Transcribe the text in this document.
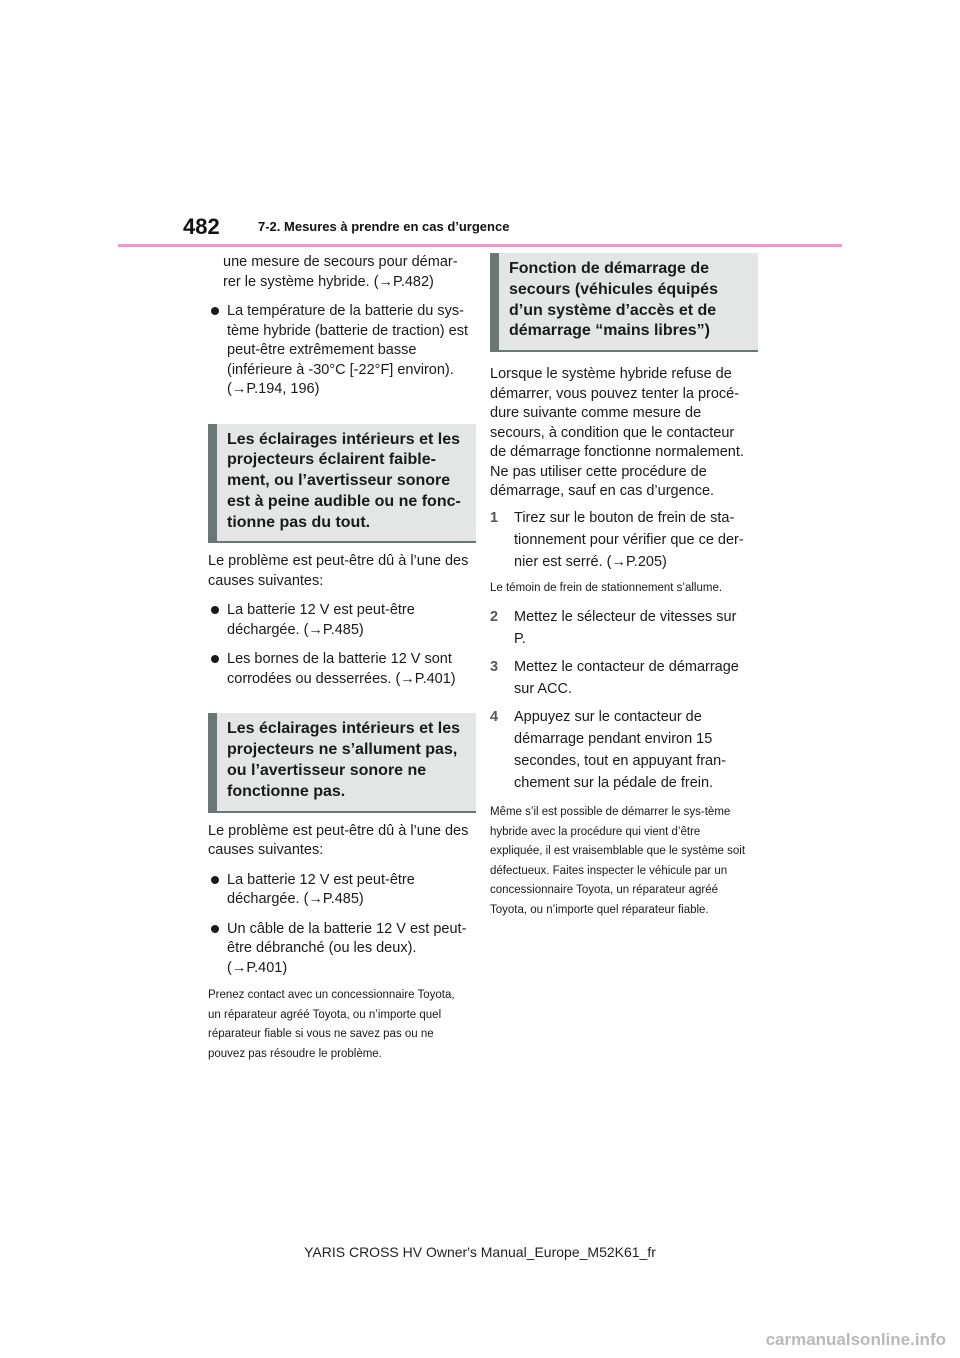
482	7-2. Mesures à prendre en cas d’urgence

une mesure de secours pour démar-rer le système hybride. (→P.482)

La température de la batterie du sys-tème hybride (batterie de traction) est peut-être extrêmement basse (inférieure à -30°C [-22°F] environ). (→P.194, 196)
Les éclairages intérieurs et les projecteurs éclairent faible-ment, ou l’avertisseur sonore est à peine audible ou ne fonc-tionne pas du tout.

Le problème est peut-être dû à l’une des causes suivantes:

La batterie 12 V est peut-être déchargée. (→P.485)
Les bornes de la batterie 12 V sont corrodées ou desserrées. (→P.401)
Les éclairages intérieurs et les projecteurs ne s’allument pas, ou l’avertisseur sonore ne fonctionne pas.

Le problème est peut-être dû à l’une des causes suivantes:

La batterie 12 V est peut-être déchargée. (→P.485)
Un câble de la batterie 12 V est peut-être débranché (ou les deux). (→P.401)

Prenez contact avec un concessionnaire Toyota, un réparateur agréé Toyota, ou n’importe quel réparateur fiable si vous ne savez pas ou ne pouvez pas résoudre le problème.

Fonction de démarrage de secours (véhicules équipés d’un système d’accès et de démarrage “mains libres”)

Lorsque le système hybride refuse de démarrer, vous pouvez tenter la procé-dure suivante comme mesure de secours, à condition que le contacteur de démarrage fonctionne normalement. Ne pas utiliser cette procédure de démarrage, sauf en cas d’urgence.

1 Tirez sur le bouton de frein de sta-tionnement pour vérifier que ce der-nier est serré. (→P.205)

Le témoin de frein de stationnement s’allume.

2 Mettez le sélecteur de vitesses sur P.
3 Mettez le contacteur de démarrage sur ACC.
4 Appuyez sur le contacteur de démarrage pendant environ 15 secondes, tout en appuyant fran-chement sur la pédale de frein.

Même s’il est possible de démarrer le sys-tème hybride avec la procédure qui vient d’être expliquée, il est vraisemblable que le système soit défectueux. Faites inspecter le véhicule par un concessionnaire Toyota, un réparateur agréé Toyota, ou n’importe quel réparateur fiable.

YARIS CROSS HV Owner's Manual_Europe_M52K61_fr
carmanualsonline.info
